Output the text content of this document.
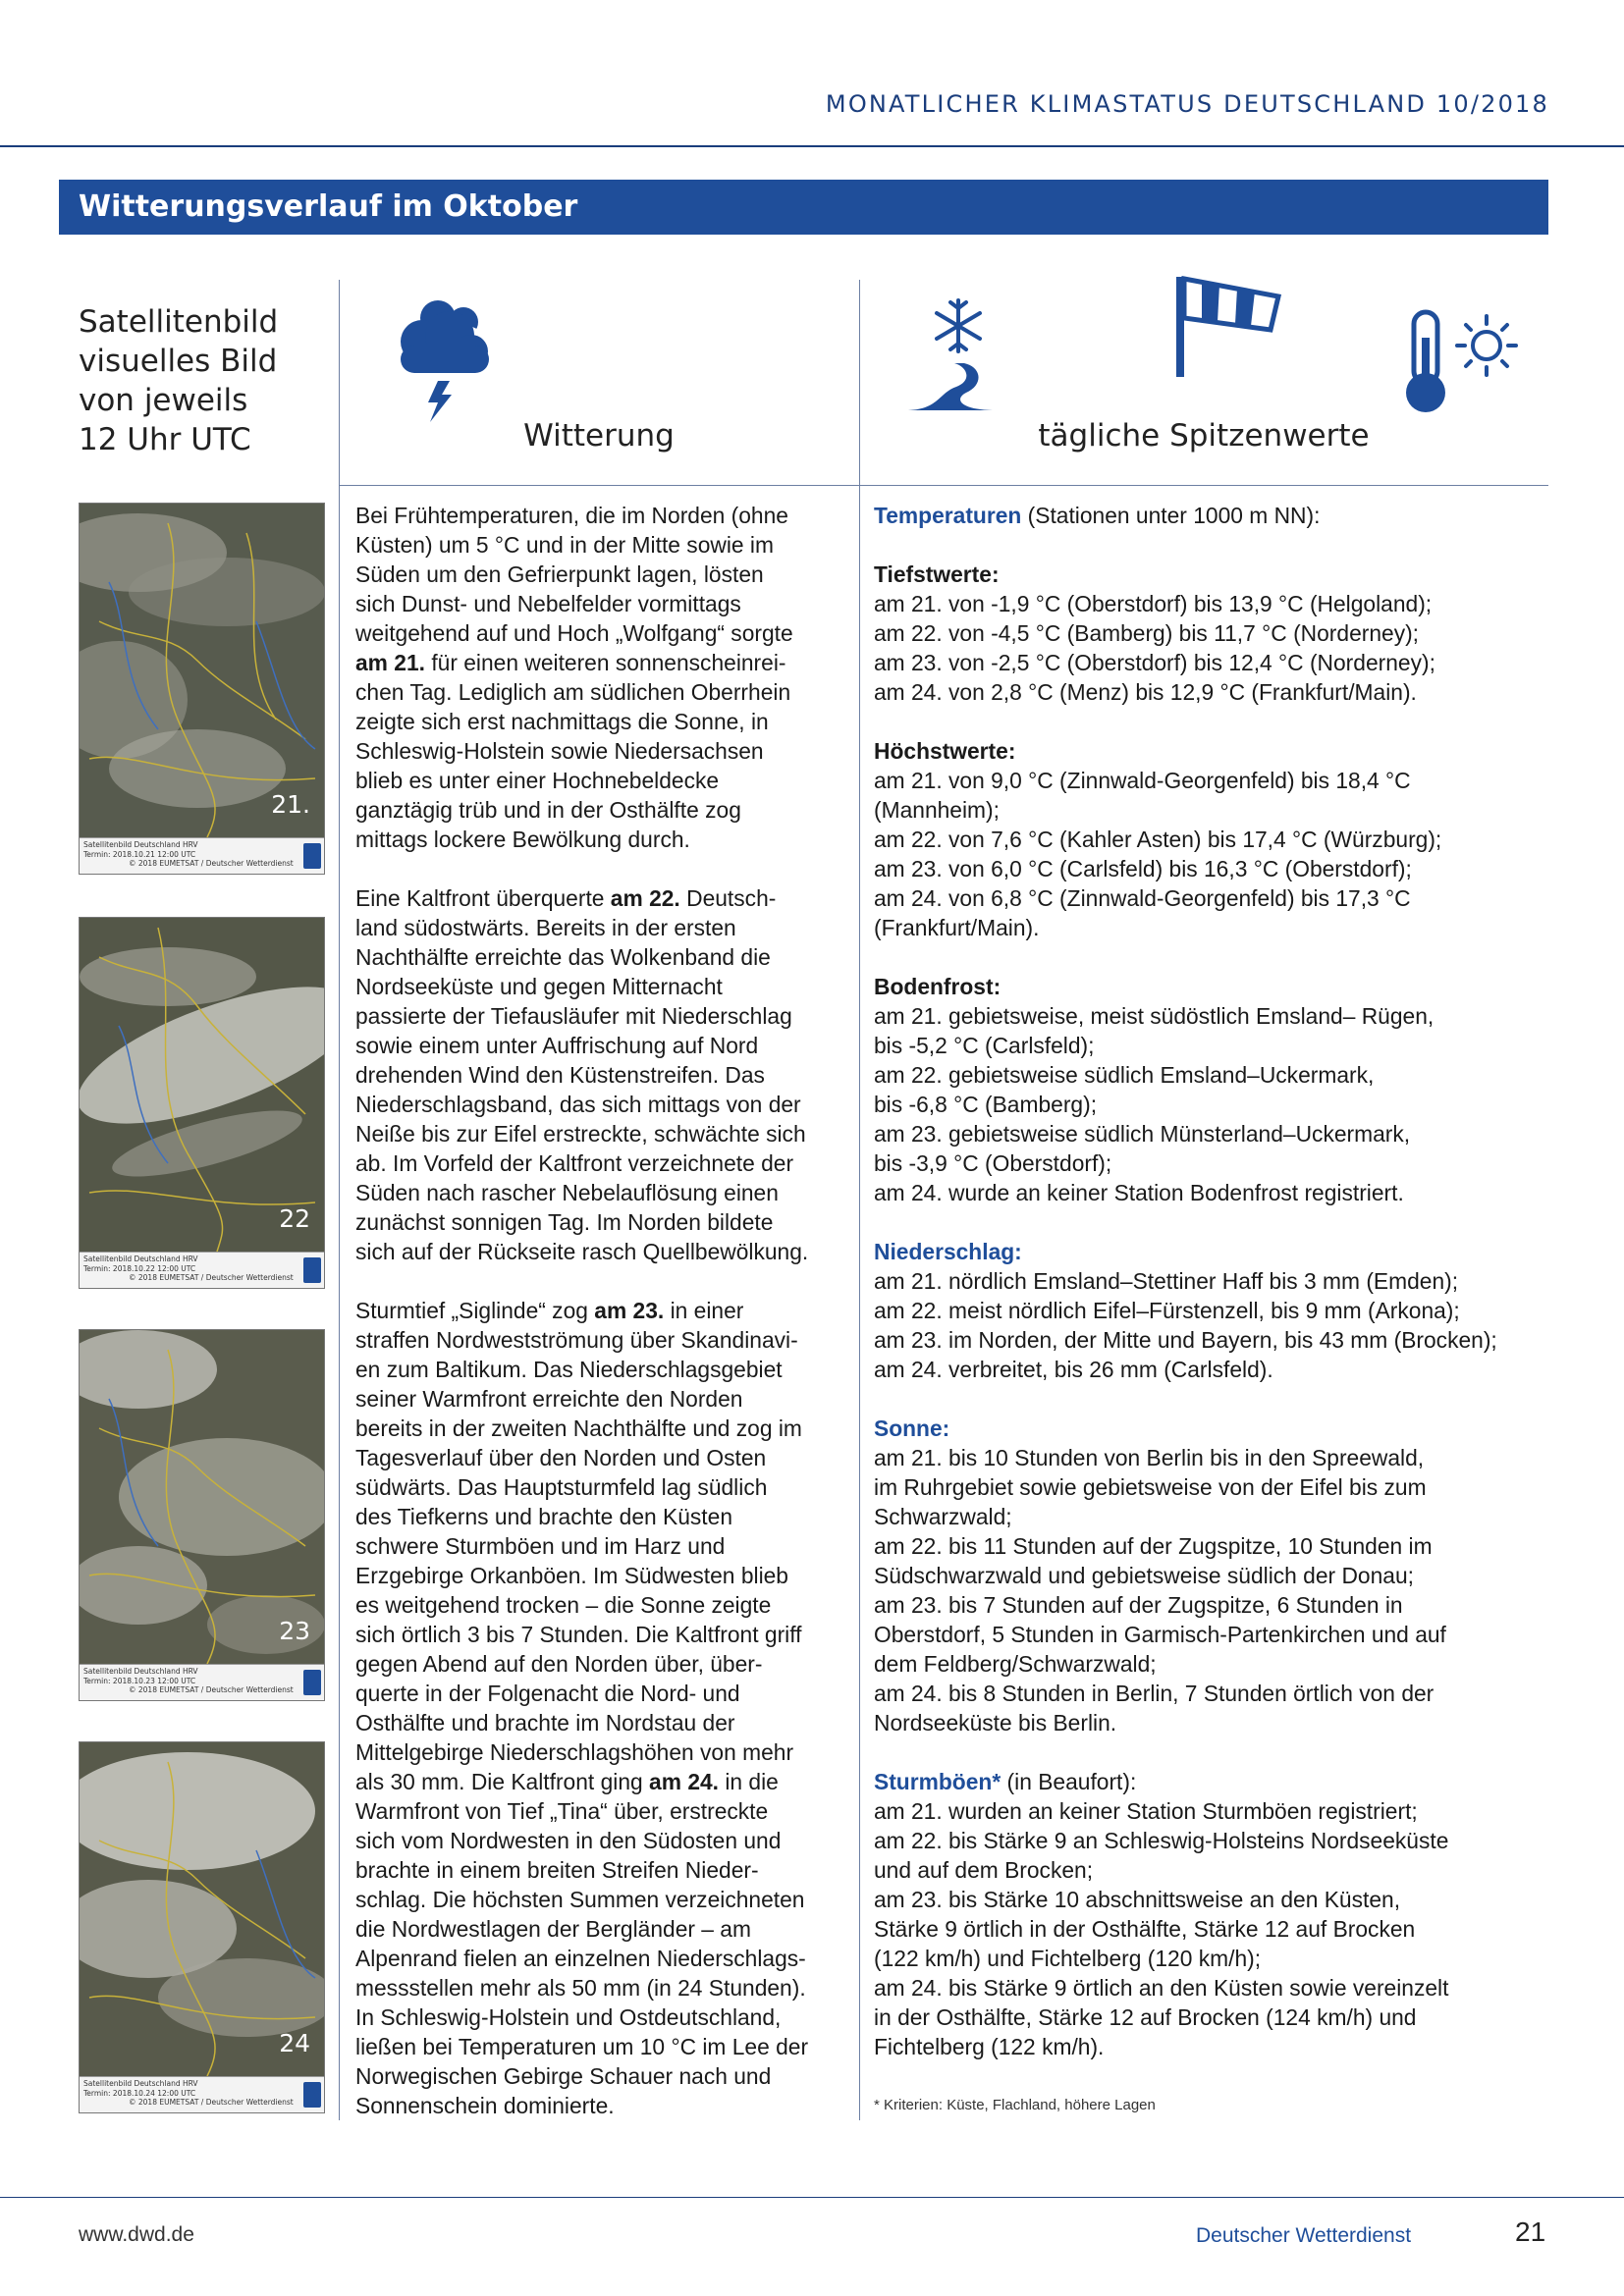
MONATLICHER KLIMASTATUS DEUTSCHLAND 10/2018
Witterungsverlauf im Oktober
Satellitenbild
visuelles Bild
von jeweils
12 Uhr UTC	Witterung	tägliche Spitzenwerte
21.
Satellitenbild Deutschland HRV
Termin: 2018.10.21 12:00 UTC
© 2018 EUMETSAT / Deutscher Wetterdienst
22
Satellitenbild Deutschland HRV
Termin: 2018.10.22 12:00 UTC
© 2018 EUMETSAT / Deutscher Wetterdienst
23
Satellitenbild Deutschland HRV
Termin: 2018.10.23 12:00 UTC
© 2018 EUMETSAT / Deutscher Wetterdienst
24
Satellitenbild Deutschland HRV
Termin: 2018.10.24 12:00 UTC
© 2018 EUMETSAT / Deutscher Wetterdienst

Bei Frühtemperaturen, die im Norden (ohne
Küsten) um 5 °C und in der Mitte sowie im
Süden um den Gefrierpunkt lagen, lösten
sich Dunst- und Nebelfelder vormittags
weitgehend auf und Hoch „Wolfgang“ sorgte
am 21. für einen weiteren sonnenscheinrei-
chen Tag. Lediglich am südlichen Oberrhein
zeigte sich erst nachmittags die Sonne, in
Schleswig-Holstein sowie Niedersachsen
blieb es unter einer Hochnebeldecke
ganztägig trüb und in der Osthälfte zog
mittags lockere Bewölkung durch.

Eine Kaltfront überquerte am 22. Deutsch-
land südostwärts. Bereits in der ersten
Nachthälfte erreichte das Wolkenband die
Nordseeküste und gegen Mitternacht
passierte der Tiefausläufer mit Niederschlag
sowie einem unter Auffrischung auf Nord
drehenden Wind den Küstenstreifen. Das
Niederschlagsband, das sich mittags von der
Neiße bis zur Eifel erstreckte, schwächte sich
ab. Im Vorfeld der Kaltfront verzeichnete der
Süden nach rascher Nebelauflösung einen
zunächst sonnigen Tag. Im Norden bildete
sich auf der Rückseite rasch Quellbewölkung.

Sturmtief „Siglinde“ zog am 23. in einer
straffen Nordwestströmung über Skandinavi-
en zum Baltikum. Das Niederschlagsgebiet
seiner Warmfront erreichte den Norden
bereits in der zweiten Nachthälfte und zog im
Tagesverlauf über den Norden und Osten
südwärts. Das Hauptsturmfeld lag südlich
des Tiefkerns und brachte den Küsten
schwere Sturmböen und im Harz und
Erzgebirge Orkanböen. Im Südwesten blieb
es weitgehend trocken – die Sonne zeigte
sich örtlich 3 bis 7 Stunden. Die Kaltfront griff
gegen Abend auf den Norden über, über-
querte in der Folgenacht die Nord- und
Osthälfte und brachte im Nordstau der
Mittelgebirge Niederschlagshöhen von mehr
als 30 mm. Die Kaltfront ging am 24. in die
Warmfront von Tief „Tina“ über, erstreckte
sich vom Nordwesten in den Südosten und
brachte in einem breiten Streifen Nieder-
schlag. Die höchsten Summen verzeichneten
die Nordwestlagen der Bergländer – am
Alpenrand fielen an einzelnen Niederschlags-
messstellen mehr als 50 mm (in 24 Stunden).
In Schleswig-Holstein und Ostdeutschland,
ließen bei Temperaturen um 10 °C im Lee der
Norwegischen Gebirge Schauer nach und
Sonnenschein dominierte.

Temperaturen (Stationen unter 1000 m NN):
Tiefstwerte:
am 21. von -1,9 °C (Oberstdorf) bis 13,9 °C (Helgoland);
am 22. von -4,5 °C (Bamberg) bis 11,7 °C (Norderney);
am 23. von -2,5 °C (Oberstdorf) bis 12,4 °C (Norderney);
am 24. von 2,8 °C (Menz) bis 12,9 °C (Frankfurt/Main).
Höchstwerte:
am 21. von 9,0 °C (Zinnwald-Georgenfeld) bis 18,4 °C
(Mannheim);
am 22. von 7,6 °C (Kahler Asten) bis 17,4 °C (Würzburg);
am 23. von 6,0 °C (Carlsfeld) bis 16,3 °C (Oberstdorf);
am 24. von 6,8 °C (Zinnwald-Georgenfeld) bis 17,3 °C
(Frankfurt/Main).
Bodenfrost:
am 21. gebietsweise, meist südöstlich Emsland– Rügen,
bis -5,2 °C (Carlsfeld);
am 22. gebietsweise südlich Emsland–Uckermark,
bis -6,8 °C (Bamberg);
am 23. gebietsweise südlich Münsterland–Uckermark,
bis -3,9 °C (Oberstdorf);
am 24. wurde an keiner Station Bodenfrost registriert.
Niederschlag:
am 21. nördlich Emsland–Stettiner Haff bis 3 mm (Emden);
am 22. meist nördlich Eifel–Fürstenzell, bis 9 mm (Arkona);
am 23. im Norden, der Mitte und Bayern, bis 43 mm (Brocken);
am 24. verbreitet, bis 26 mm (Carlsfeld).
Sonne:
am 21. bis 10 Stunden von Berlin bis in den Spreewald,
im Ruhrgebiet sowie gebietsweise von der Eifel bis zum
Schwarzwald;
am 22. bis 11 Stunden auf der Zugspitze, 10 Stunden im
Südschwarzwald und gebietsweise südlich der Donau;
am 23. bis 7 Stunden auf der Zugspitze, 6 Stunden in
Oberstdorf, 5 Stunden in Garmisch-Partenkirchen und auf
dem Feldberg/Schwarzwald;
am 24. bis 8 Stunden in Berlin, 7 Stunden örtlich von der
Nordseeküste bis Berlin.
Sturmböen* (in Beaufort):
am 21. wurden an keiner Station Sturmböen registriert;
am 22. bis Stärke 9 an Schleswig-Holsteins Nordseeküste
und auf dem Brocken;
am 23. bis Stärke 10 abschnittsweise an den Küsten,
Stärke 9 örtlich in der Osthälfte, Stärke 12 auf Brocken
(122 km/h) und Fichtelberg (120 km/h);
am 24. bis Stärke 9 örtlich an den Küsten sowie vereinzelt
in der Osthälfte, Stärke 12 auf Brocken (124 km/h) und
Fichtelberg (122 km/h).
* Kriterien: Küste, Flachland, höhere Lagen
www.dwd.de	Deutscher Wetterdienst	21
